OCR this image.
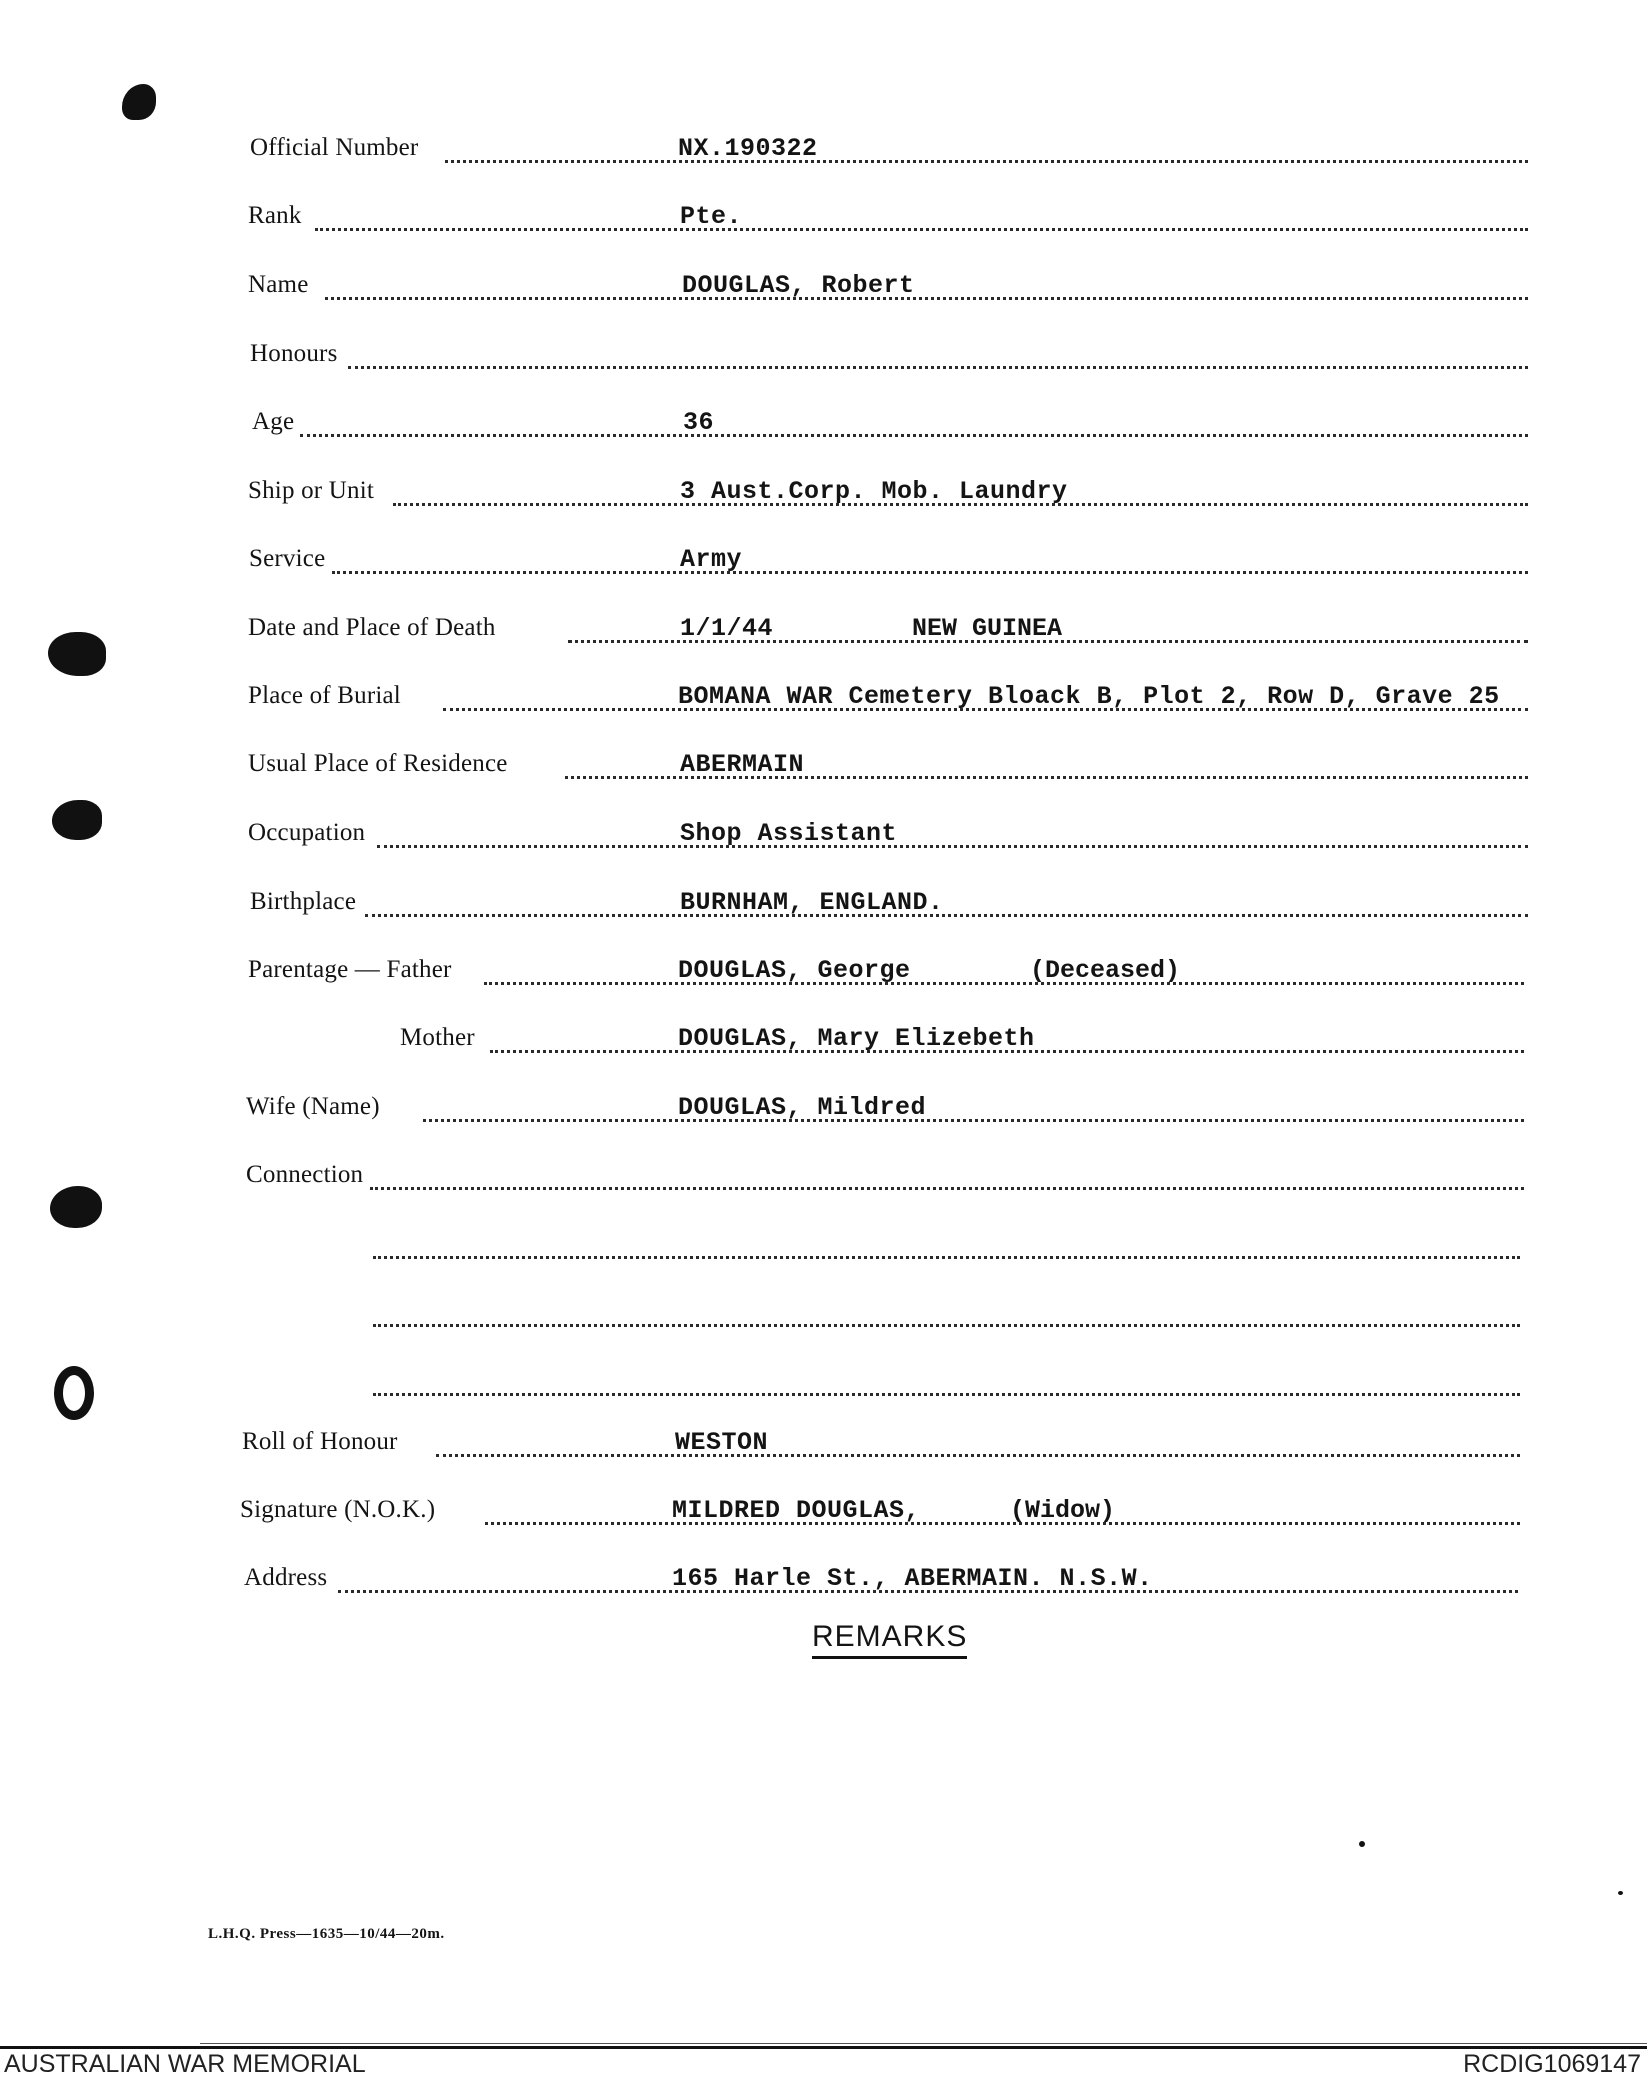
Official Number	NX.190322
Rank	Pte.
Name	DOUGLAS, Robert
Honours
Age	36
Ship or Unit	3 Aust.Corp. Mob. Laundry
Service	Army
Date and Place of Death	1/1/44	NEW GUINEA
Place of Burial	BOMANA WAR Cemetery Bloack B, Plot 2, Row D, Grave 25
Usual Place of Residence	ABERMAIN
Occupation	Shop Assistant
Birthplace	BURNHAM, ENGLAND.
Parentage — Father	DOUGLAS, George	(Deceased)
Mother	DOUGLAS, Mary Elizebeth
Wife (Name)	DOUGLAS, Mildred
Connection
Roll of Honour	WESTON
Signature (N.O.K.)	MILDRED DOUGLAS,	(Widow)
Address	165 Harle St., ABERMAIN. N.S.W.
REMARKS
L.H.Q. Press—1635—10/44—20m.
AUSTRALIAN WAR MEMORIAL	RCDIG1069147
